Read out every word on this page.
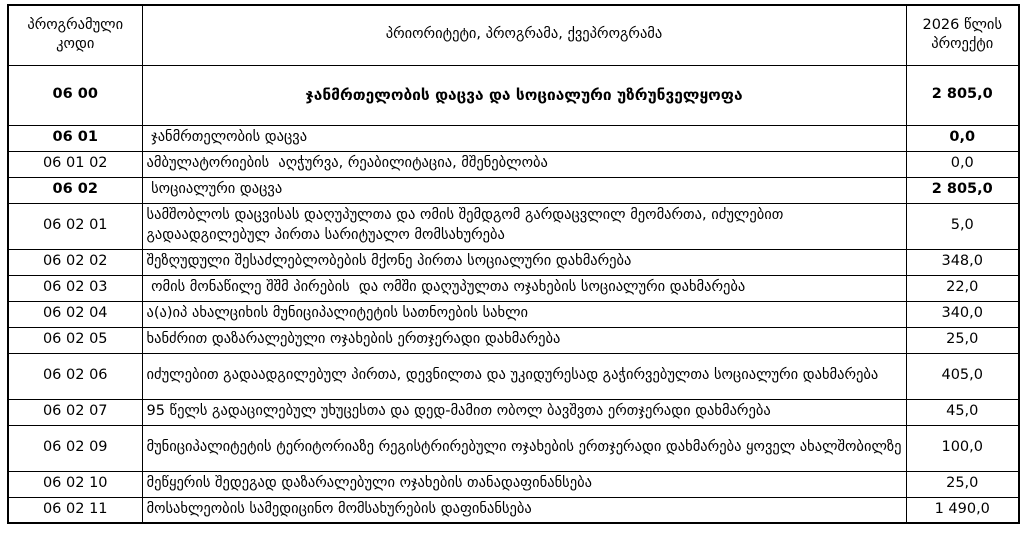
პროგრამული კოდი	პრიორიტეტი, პროგრამა, ქვეპროგრამა	2026 წლის პროექტი
06 00	ჯანმრთელობის დაცვა და სოციალური უზრუნველყოფა	2 805,0
06 01	ჯანმრთელობის დაცვა	0,0
06 01 02	ამბულატორიების  აღჭურვა, რეაბილიტაცია, მშენებლობა	0,0
06 02	სოციალური დაცვა	2 805,0
06 02 01	სამშობლოს დაცვისას დაღუპულთა და ომის შემდგომ გარდაცვლილ მეომართა, იძულებით გადაადგილებულ პირთა სარიტუალო მომსახურება	5,0
06 02 02	შეზღუდული შესაძლებლობების მქონე პირთა სოციალური დახმარება	348,0
06 02 03	ომის მონაწილე შშმ პირების  და ომში დაღუპულთა ოჯახების სოციალური დახმარება	22,0
06 02 04	ა(ა)იპ ახალციხის მუნიციპალიტეტის სათნოების სახლი	340,0
06 02 05	ხანძრით დაზარალებული ოჯახების ერთჯერადი დახმარება	25,0
06 02 06	იძულებით გადაადგილებულ პირთა, დევნილთა და უკიდურესად გაჭირვებულთა სოციალური დახმარება	405,0
06 02 07	95 წელს გადაცილებულ უხუცესთა და დედ-მამით ობოლ ბავშვთა ერთჯერადი დახმარება	45,0
06 02 09	მუნიციპალიტეტის ტერიტორიაზე რეგისტრირებული ოჯახების ერთჯერადი დახმარება ყოველ ახალშობილზე	100,0
06 02 10	მეწყერის შედეგად დაზარალებული ოჯახების თანადაფინანსება	25,0
06 02 11	მოსახლეობის სამედიცინო მომსახურების დაფინანსება	1 490,0
